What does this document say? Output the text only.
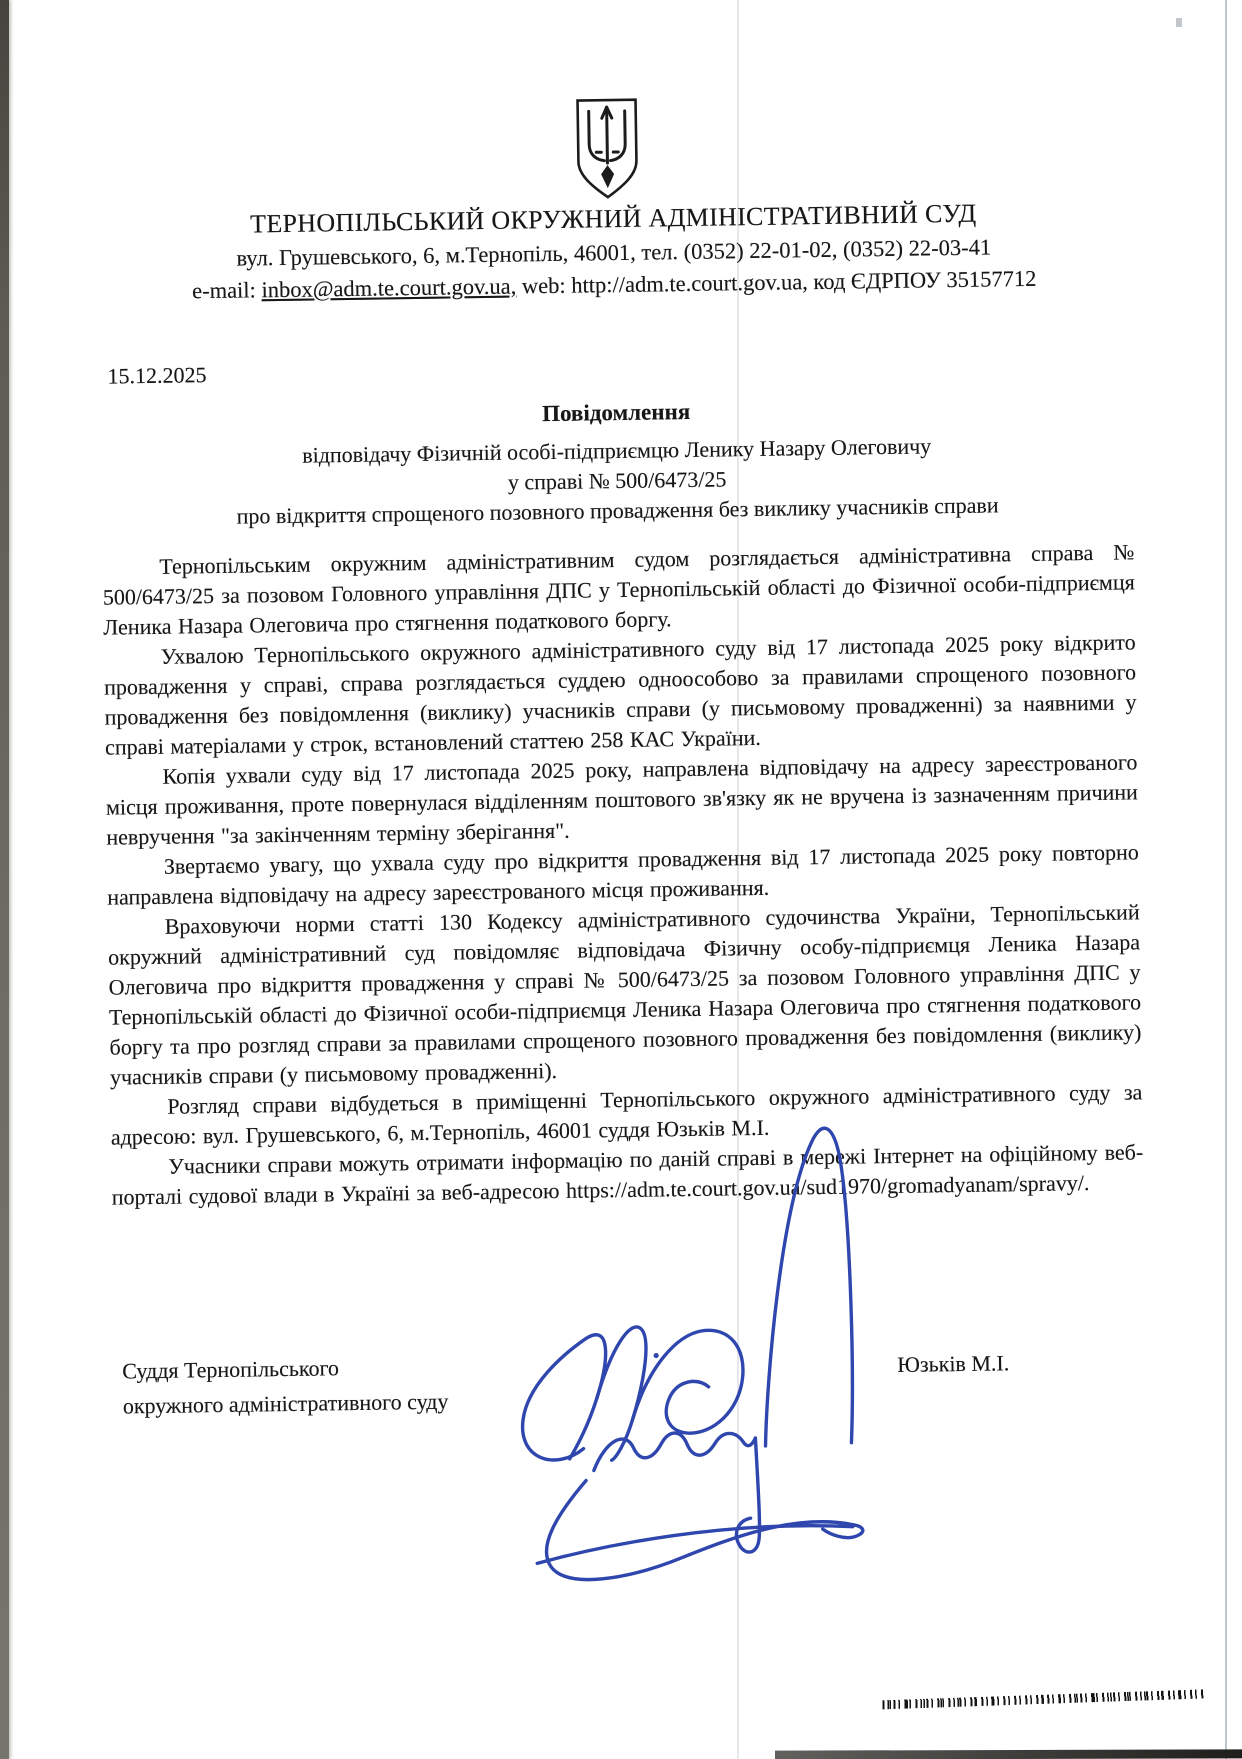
ТЕРНОПІЛЬСЬКИЙ ОКРУЖНИЙ АДМІНІСТРАТИВНИЙ СУД
вул. Грушевського, 6, м.Тернопіль, 46001, тел. (0352) 22-01-02, (0352) 22-03-41
e-mail: inbox@adm.te.court.gov.ua, web: http://adm.te.court.gov.ua, код ЄДРПОУ 35157712
15.12.2025
Повідомлення
відповідачу Фізичній особі-підприємцю Ленику Назару Олеговичу
у справі № 500/6473/25
про відкриття спрощеного позовного провадження без виклику учасників справи

Тернопільським окружним адміністративним судом розглядається адміністративна справа № 500/6473/25 за позовом Головного управління ДПС у Тернопільській області до Фізичної особи-підприємця Леника Назара Олеговича про стягнення податкового боргу.

Ухвалою Тернопільського окружного адміністративного суду від 17 листопада 2025 року відкрито провадження у справі, справа розглядається суддею одноособово за правилами спрощеного позовного провадження без повідомлення (виклику) учасників справи (у письмовому провадженні) за наявними у справі матеріалами у строк, встановлений статтею 258 КАС України.

Копія ухвали суду від 17 листопада 2025 року, направлена відповідачу на адресу зареєстрованого місця проживання, проте повернулася відділенням поштового зв'язку як не вручена із зазначенням причини невручення "за закінченням терміну зберігання".

Звертаємо увагу, що ухвала суду про відкриття провадження від 17 листопада 2025 року повторно направлена відповідачу на адресу зареєстрованого місця проживання.

Враховуючи норми статті 130 Кодексу адміністративного судочинства України, Тернопільський окружний адміністративний суд повідомляє відповідача Фізичну особу-підприємця Леника Назара Олеговича про відкриття провадження у справі № 500/6473/25 за позовом Головного управління ДПС у Тернопільській області до Фізичної особи-підприємця Леника Назара Олеговича про стягнення податкового боргу та про розгляд справи за правилами спрощеного позовного провадження без повідомлення (виклику) учасників справи (у письмовому провадженні).

Розгляд справи відбудеться в приміщенні Тернопільського окружного адміністративного суду за адресою: вул. Грушевського, 6, м.Тернопіль, 46001 суддя Юзьків М.І.

Учасники справи можуть отримати інформацію по даній справі в мережі Інтернет на офіційному веб-порталі судової влади в Україні за веб-адресою https://adm.te.court.gov.ua/sud1970/gromadyanam/spravy/.

Суддя Тернопільського
окружного адміністративного суду
Юзьків М.І.
